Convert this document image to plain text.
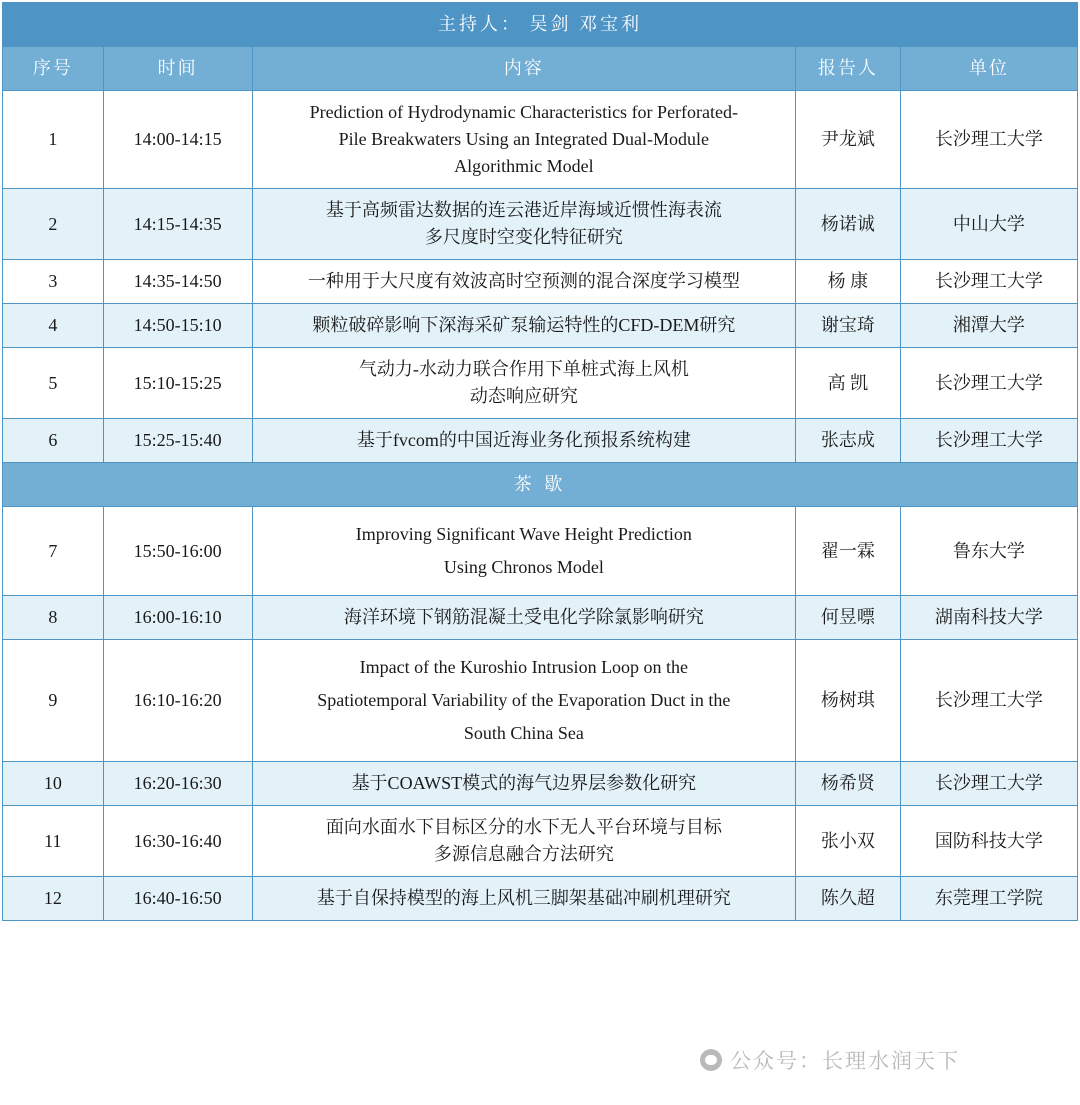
主持人： 吴剑 邓宝利				
序号	时间	内容	报告人	单位
1	14:00-14:15	Prediction of Hydrodynamic Characteristics for Perforated-
Pile Breakwaters Using an Integrated Dual-Module
Algorithmic Model	尹龙斌	长沙理工大学
2	14:15-14:35	基于高频雷达数据的连云港近岸海域近惯性海表流
多尺度时空变化特征研究	杨诺诚	中山大学
3	14:35-14:50	一种用于大尺度有效波高时空预测的混合深度学习模型	杨 康	长沙理工大学
4	14:50-15:10	颗粒破碎影响下深海采矿泵输运特性的CFD-DEM研究	谢宝琦	湘潭大学
5	15:10-15:25	气动力-水动力联合作用下单桩式海上风机
动态响应研究	高 凯	长沙理工大学
6	15:25-15:40	基于fvcom的中国近海业务化预报系统构建	张志成	长沙理工大学
茶 歇				
7	15:50-16:00	Improving Significant Wave Height Prediction
Using Chronos Model	翟一霖	鲁东大学
8	16:00-16:10	海洋环境下钢筋混凝土受电化学除氯影响研究	何昱嘌	湖南科技大学
9	16:10-16:20	Impact of the Kuroshio Intrusion Loop on the
Spatiotemporal Variability of the Evaporation Duct in the
South China Sea	杨树琪	长沙理工大学
10	16:20-16:30	基于COAWST模式的海气边界层参数化研究	杨希贤	长沙理工大学
11	16:30-16:40	面向水面水下目标区分的水下无人平台环境与目标
多源信息融合方法研究	张小双	国防科技大学
12	16:40-16:50	基于自保持模型的海上风机三脚架基础冲刷机理研究	陈久超	东莞理工学院
公众号：长理水润天下
